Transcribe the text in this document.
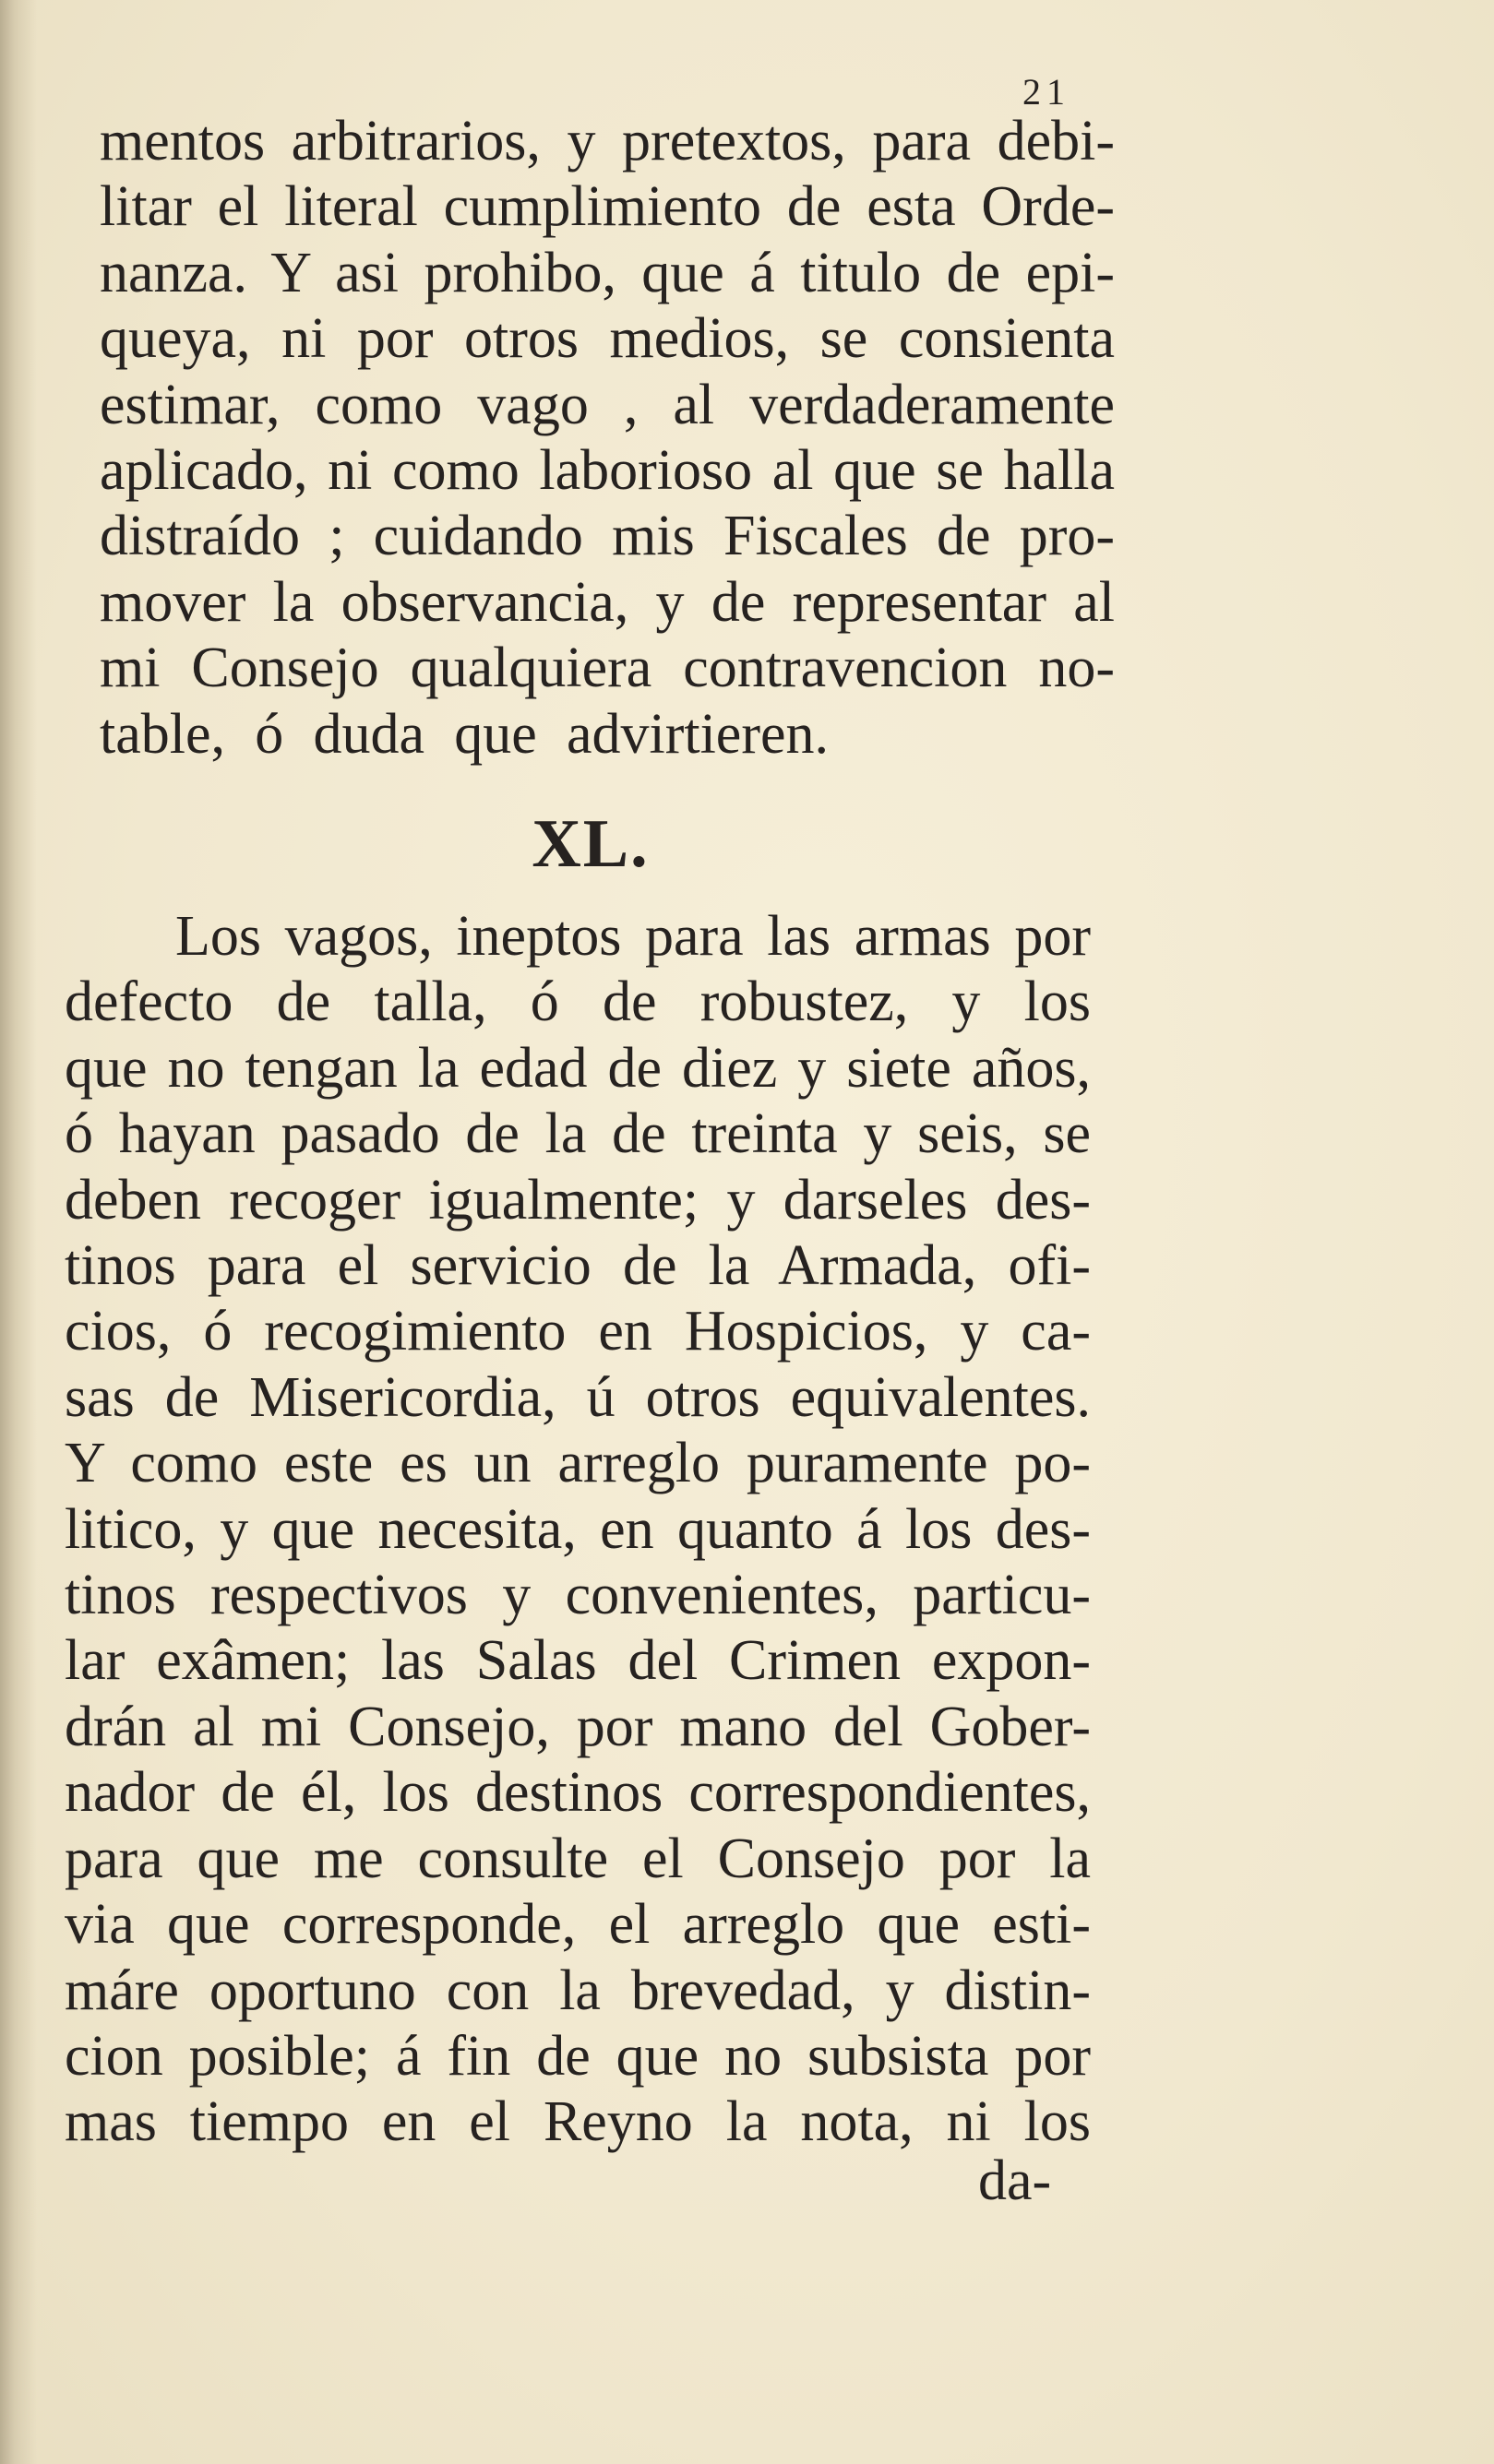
21
mentos arbitrarios, y pretextos, para debi-
litar el literal cumplimiento de esta Orde-
nanza. Y asi prohibo, que á titulo de epi-
queya, ni por otros medios, se consienta
estimar, como vago , al verdaderamente
aplicado, ni como laborioso al que se halla
distraído ; cuidando mis Fiscales de pro-
mover la observancia, y de representar al
mi Consejo qualquiera contravencion no-
table, ó duda que advirtieren.
XL.
Los vagos, ineptos para las armas por
defecto de talla, ó de robustez, y los
que no tengan la edad de diez y siete años,
ó hayan pasado de la de treinta y seis, se
deben recoger igualmente; y darseles des-
tinos para el servicio de la Armada, ofi-
cios, ó recogimiento en Hospicios, y ca-
sas de Misericordia, ú otros equivalentes.
Y como este es un arreglo puramente po-
litico, y que necesita, en quanto á los des-
tinos respectivos y convenientes, particu-
lar exâmen; las Salas del Crimen expon-
drán al mi Consejo, por mano del Gober-
nador de él, los destinos correspondientes,
para que me consulte el Consejo por la
via que corresponde, el arreglo que esti-
máre oportuno con la brevedad, y distin-
cion posible; á fin de que no subsista por
mas tiempo en el Reyno la nota, ni los
da-
